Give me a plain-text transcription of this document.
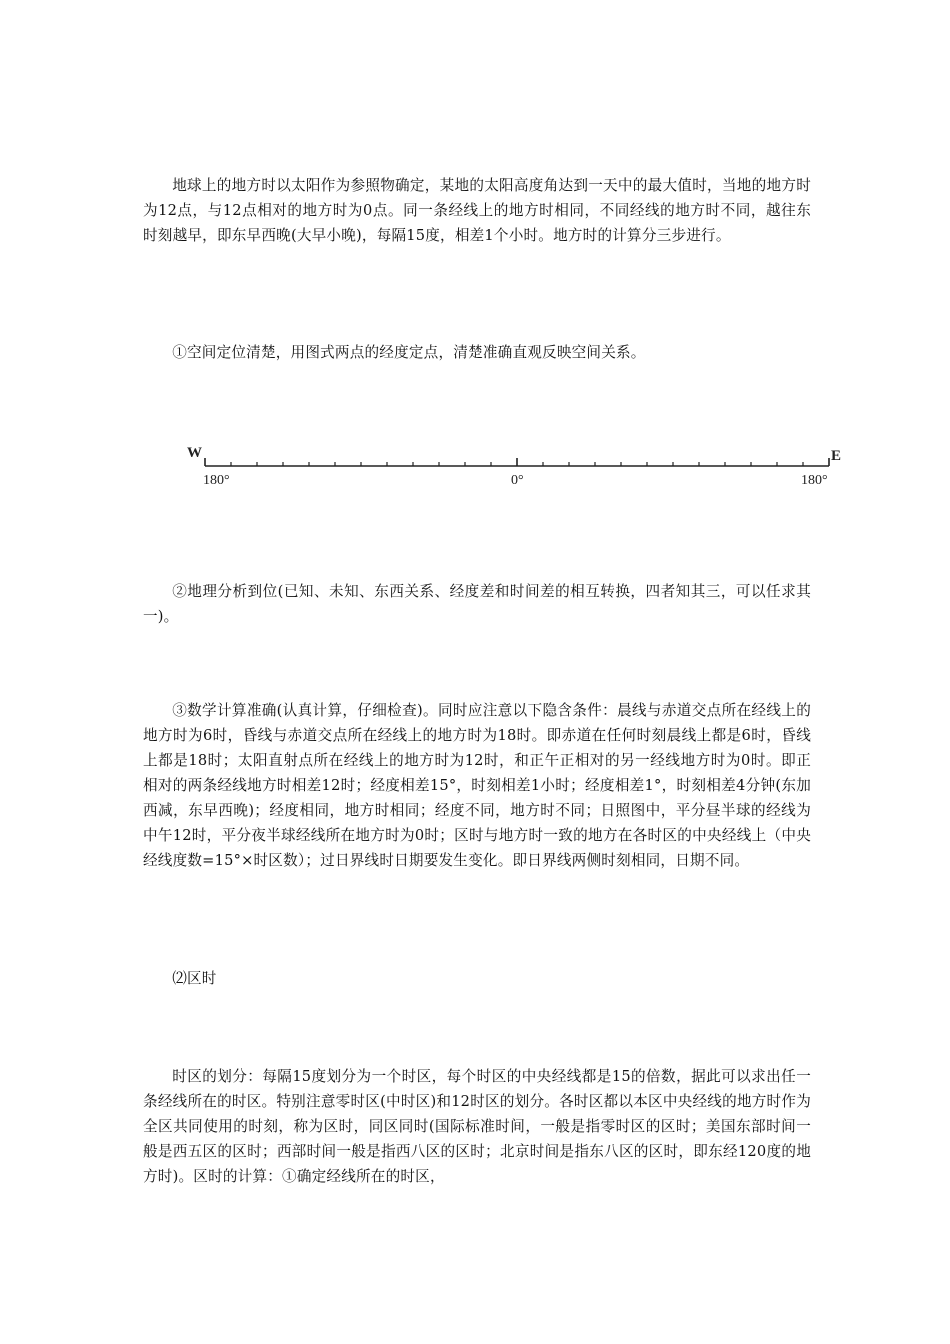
地球上的地方时以太阳作为参照物确定，某地的太阳高度角达到一天中的最大值时，当地的地方时为12点，与12点相对的地方时为0点。同一条经线上的地方时相同，不同经线的地方时不同，越往东时刻越早，即东早西晚(大早小晚)，每隔15度，相差1个小时。地方时的计算分三步进行。

①空间定位清楚，用图式两点的经度定点，清楚准确直观反映空间关系。

W	E
180°	0°	180°

②地理分析到位(已知、未知、东西关系、经度差和时间差的相互转换，四者知其三，可以任求其一)。

③数学计算准确(认真计算，仔细检查)。同时应注意以下隐含条件：晨线与赤道交点所在经线上的地方时为6时，昏线与赤道交点所在经线上的地方时为18时。即赤道在任何时刻晨线上都是6时，昏线上都是18时；太阳直射点所在经线上的地方时为12时，和正午正相对的另一经线地方时为0时。即正相对的两条经线地方时相差12时；经度相差15°，时刻相差1小时；经度相差1°，时刻相差4分钟(东加西减，东早西晚)；经度相同，地方时相同；经度不同，地方时不同；日照图中，平分昼半球的经线为中午12时，平分夜半球经线所在地方时为0时；区时与地方时一致的地方在各时区的中央经线上（中央经线度数=15°×时区数）；过日界线时日期要发生变化。即日界线两侧时刻相同，日期不同。

⑵区时

时区的划分：每隔15度划分为一个时区，每个时区的中央经线都是15的倍数，据此可以求出任一条经线所在的时区。特别注意零时区(中时区)和12时区的划分。各时区都以本区中央经线的地方时作为全区共同使用的时刻，称为区时，同区同时(国际标准时间，一般是指零时区的区时；美国东部时间一般是西五区的区时；西部时间一般是指西八区的区时；北京时间是指东八区的区时，即东经120度的地方时)。区时的计算：①确定经线所在的时区，
